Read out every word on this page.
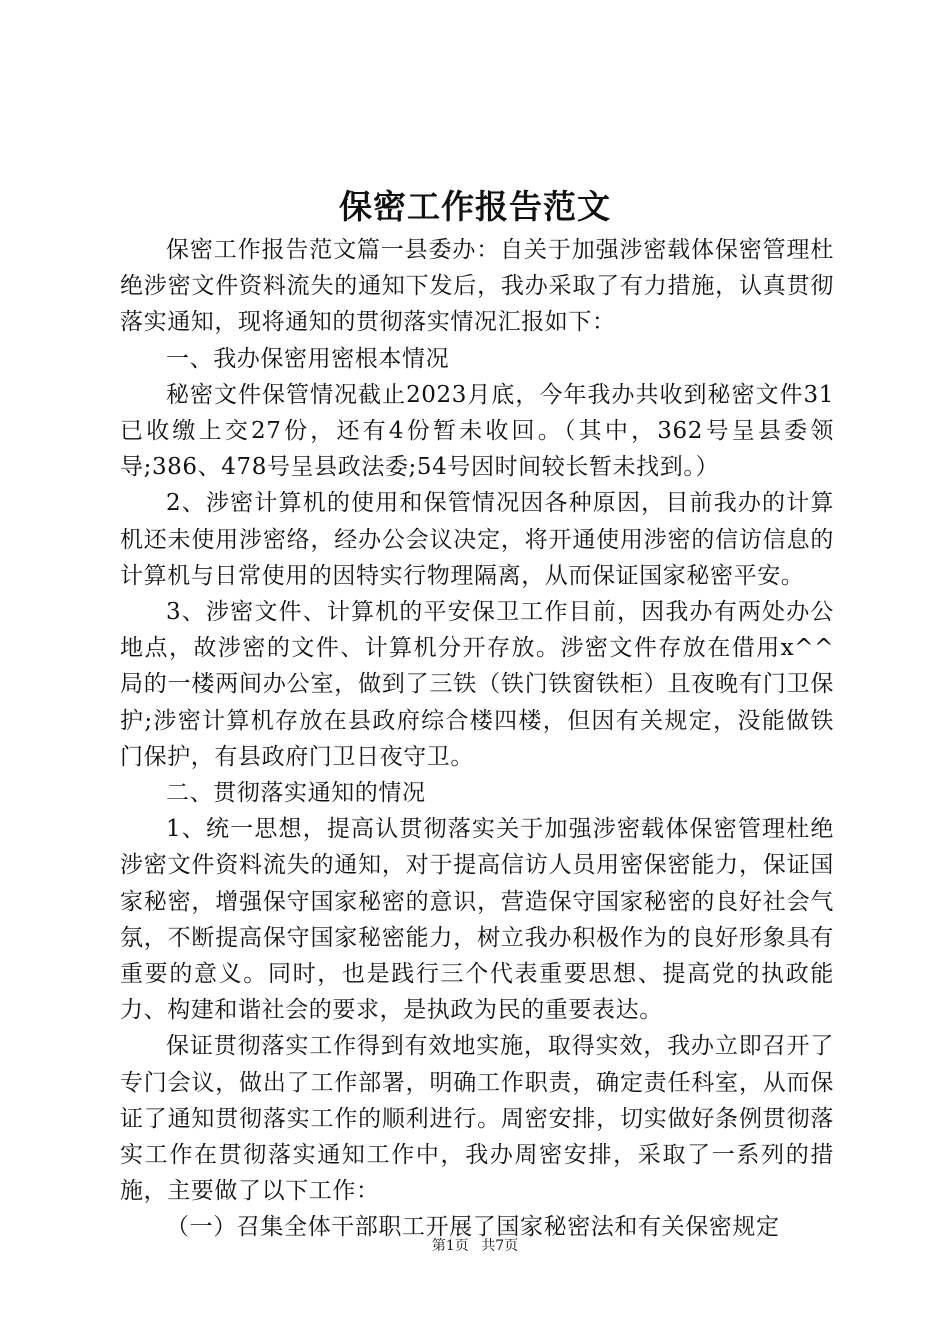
保密工作报告范文

保密工作报告范文篇一县委办：自关于加强涉密载体保密管理杜绝涉密文件资料流失的通知下发后，我办采取了有力措施，认真贯彻落实通知，现将通知的贯彻落实情况汇报如下：

一、我办保密用密根本情况

秘密文件保管情况截止2023月底，今年我办共收到秘密文件31已收缴上交27份，还有4份暂未收回。（其中，362号呈县委领导;386、478号呈县政法委;54号因时间较长暂未找到。）

2、涉密计算机的使用和保管情况因各种原因，目前我办的计算机还未使用涉密络，经办公会议决定，将开通使用涉密的信访信息的计算机与日常使用的因特实行物理隔离，从而保证国家秘密平安。

3、涉密文件、计算机的平安保卫工作目前，因我办有两处办公地点，故涉密的文件、计算机分开存放。涉密文件存放在借用x^^局的一楼两间办公室，做到了三铁（铁门铁窗铁柜）且夜晚有门卫保护;涉密计算机存放在县政府综合楼四楼，但因有关规定，没能做铁门保护，有县政府门卫日夜守卫。

二、贯彻落实通知的情况

1、统一思想，提高认贯彻落实关于加强涉密载体保密管理杜绝涉密文件资料流失的通知，对于提高信访人员用密保密能力，保证国家秘密，增强保守国家秘密的意识，营造保守国家秘密的良好社会气氛，不断提高保守国家秘密能力，树立我办积极作为的良好形象具有重要的意义。同时，也是践行三个代表重要思想、提高党的执政能力、构建和谐社会的要求，是执政为民的重要表达。

保证贯彻落实工作得到有效地实施，取得实效，我办立即召开了专门会议，做出了工作部署，明确工作职责，确定责任科室，从而保证了通知贯彻落实工作的顺利进行。周密安排，切实做好条例贯彻落实工作在贯彻落实通知工作中，我办周密安排，采取了一系列的措施，主要做了以下工作：

（一）召集全体干部职工开展了国家秘密法和有关保密规定

第1页 共7页
